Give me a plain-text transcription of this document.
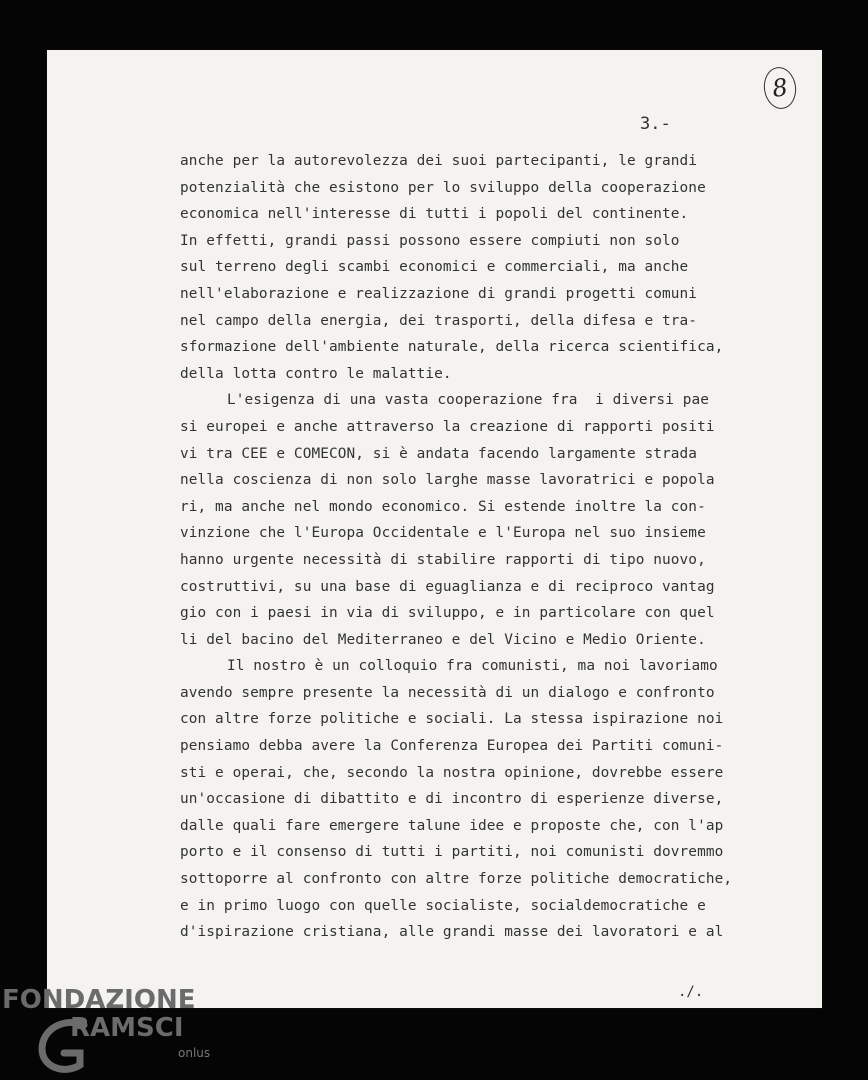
8
3.-
anche per la autorevolezza dei suoi partecipanti, le grandi
potenzialità che esistono per lo sviluppo della cooperazione
economica nell'interesse di tutti i popoli del continente.
In effetti, grandi passi possono essere compiuti non solo
sul terreno degli scambi economici e commerciali, ma anche
nell'elaborazione e realizzazione di grandi progetti comuni
nel campo della energia, dei trasporti, della difesa e tra-
sformazione dell'ambiente naturale, della ricerca scientifica,
della lotta contro le malattie.
L'esigenza di una vasta cooperazione fra  i diversi pae
si europei e anche attraverso la creazione di rapporti positi
vi tra CEE e COMECON, si è andata facendo largamente strada
nella coscienza di non solo larghe masse lavoratrici e popola
ri, ma anche nel mondo economico. Si estende inoltre la con-
vinzione che l'Europa Occidentale e l'Europa nel suo insieme
hanno urgente necessità di stabilire rapporti di tipo nuovo,
costruttivi, su una base di eguaglianza e di reciproco vantag
gio con i paesi in via di sviluppo, e in particolare con quel
li del bacino del Mediterraneo e del Vicino e Medio Oriente.
Il nostro è un colloquio fra comunisti, ma noi lavoriamo
avendo sempre presente la necessità di un dialogo e confronto
con altre forze politiche e sociali. La stessa ispirazione noi
pensiamo debba avere la Conferenza Europea dei Partiti comuni-
sti e operai, che, secondo la nostra opinione, dovrebbe essere
un'occasione di dibattito e di incontro di esperienze diverse,
dalle quali fare emergere talune idee e proposte che, con l'ap
porto e il consenso di tutti i partiti, noi comunisti dovremmo
sottoporre al confronto con altre forze politiche democratiche,
e in primo luogo con quelle socialiste, socialdemocratiche e
d'ispirazione cristiana, alle grandi masse dei lavoratori e al
./.
FONDAZIONE
RAMSCI
onlus
